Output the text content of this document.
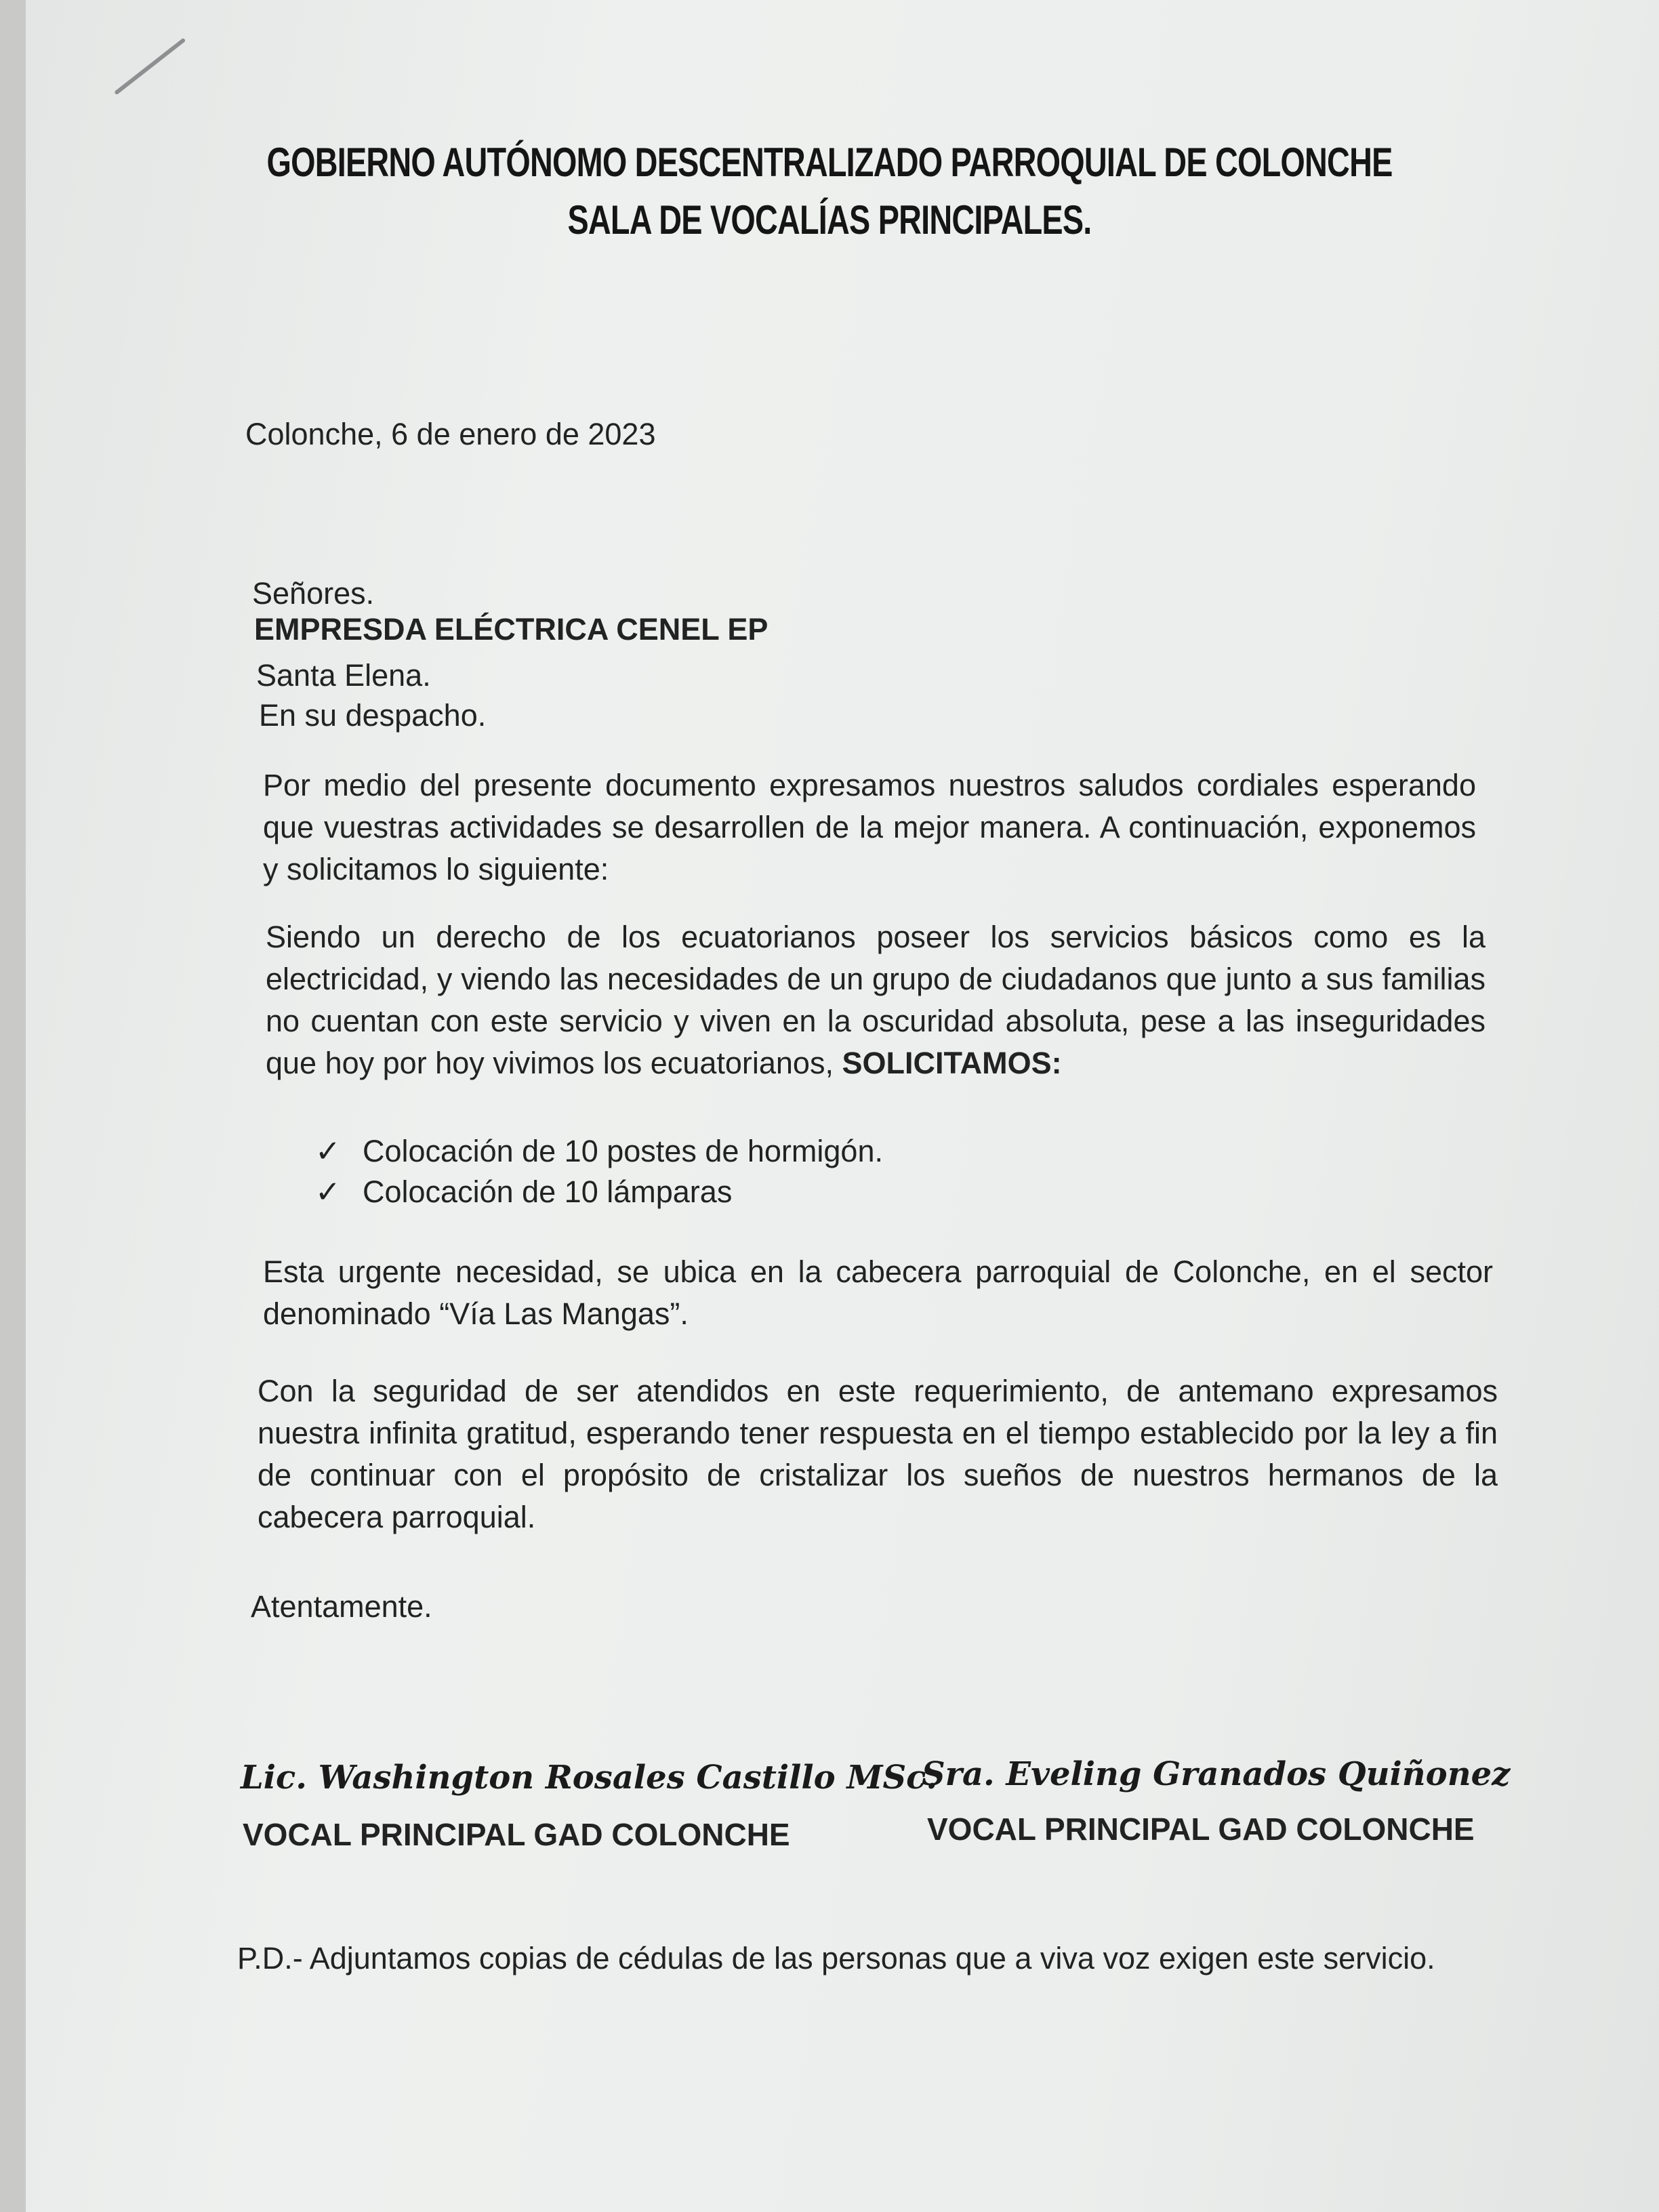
GOBIERNO AUTÓNOMO DESCENTRALIZADO PARROQUIAL DE COLONCHE
SALA DE VOCALÍAS PRINCIPALES.
Colonche, 6 de enero de 2023
Señores.
EMPRESDA ELÉCTRICA CENEL EP
Santa Elena.
En su despacho.
Por medio del presente documento expresamos nuestros saludos cordiales esperando que vuestras actividades se desarrollen de la mejor manera. A continuación, exponemos y solicitamos lo siguiente:
Siendo un derecho de los ecuatorianos poseer los servicios básicos como es la electricidad, y viendo las necesidades de un grupo de ciudadanos que junto a sus familias no cuentan con este servicio y viven en la oscuridad absoluta, pese a las inseguridades que hoy por hoy vivimos los ecuatorianos, SOLICITAMOS:
✓ Colocación de 10 postes de hormigón.
✓ Colocación de 10 lámparas
Esta urgente necesidad, se ubica en la cabecera parroquial de Colonche, en el sector denominado “Vía Las Mangas”.
Con la seguridad de ser atendidos en este requerimiento, de antemano expresamos nuestra infinita gratitud, esperando tener respuesta en el tiempo establecido por la ley a fin de continuar con el propósito de cristalizar los sueños de nuestros hermanos de la cabecera parroquial.
Atentamente.
Lic. Washington Rosales Castillo MSc.
VOCAL PRINCIPAL GAD COLONCHE
Sra. Eveling Granados Quiñonez
VOCAL PRINCIPAL GAD COLONCHE
P.D.- Adjuntamos copias de cédulas de las personas que a viva voz exigen este servicio.
